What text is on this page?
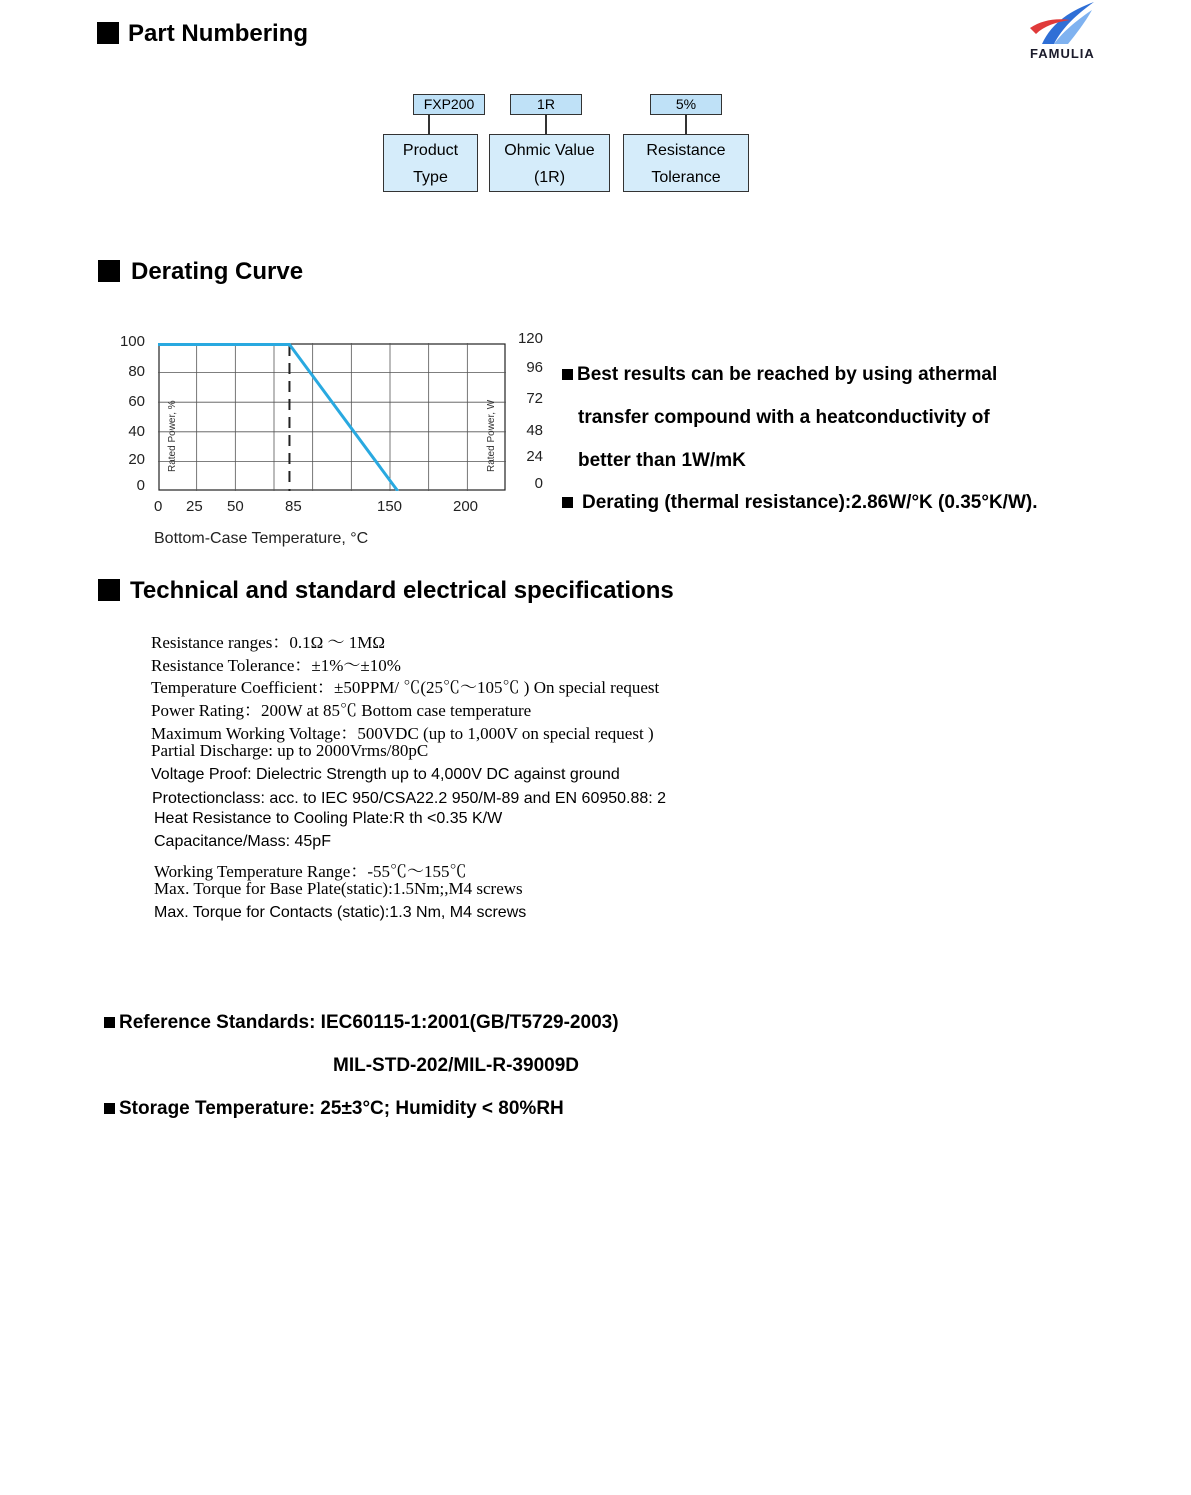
FAMULIA
Part Numbering
FXP200	1R	5%
Product
Type
Ohmic Value
(1R)
Resistance
Tolerance
Derating Curve
100
80
60
40
20
0
120
96
72
48
24
0
0 25 50	85	150	200
Rated Power, %	Rated Power, W
Bottom-Case Temperature, °C
Best results can be reached by using athermal
transfer compound with a heatconductivity of
better than 1W/mK
Derating (thermal resistance):2.86W/°K (0.35°K/W).
Technical and standard electrical specifications
Resistance ranges：0.1Ω ～ 1MΩ
Resistance Tolerance：±1%～±10%
Temperature Coefficient：±50PPM/ ℃(25℃～105℃ ) On special request
Power Rating：200W at 85℃ Bottom case temperature
Maximum Working Voltage：500VDC (up to 1,000V on special request )
Partial Discharge: up to 2000Vrms/80pC
Voltage Proof: Dielectric Strength up to 4,000V DC against ground
Protectionclass: acc. to IEC 950/CSA22.2 950/M-89 and EN 60950.88: 2
Heat Resistance to Cooling Plate:R th <0.35 K/W
Capacitance/Mass: 45pF
Working Temperature Range：-55℃～155℃
Max. Torque for Base Plate(static):1.5Nm;,M4 screws
Max. Torque for Contacts (static):1.3 Nm, M4 screws
Reference Standards: IEC60115-1:2001(GB/T5729-2003)
MIL-STD-202/MIL-R-39009D
Storage Temperature: 25±3°C; Humidity < 80%RH
